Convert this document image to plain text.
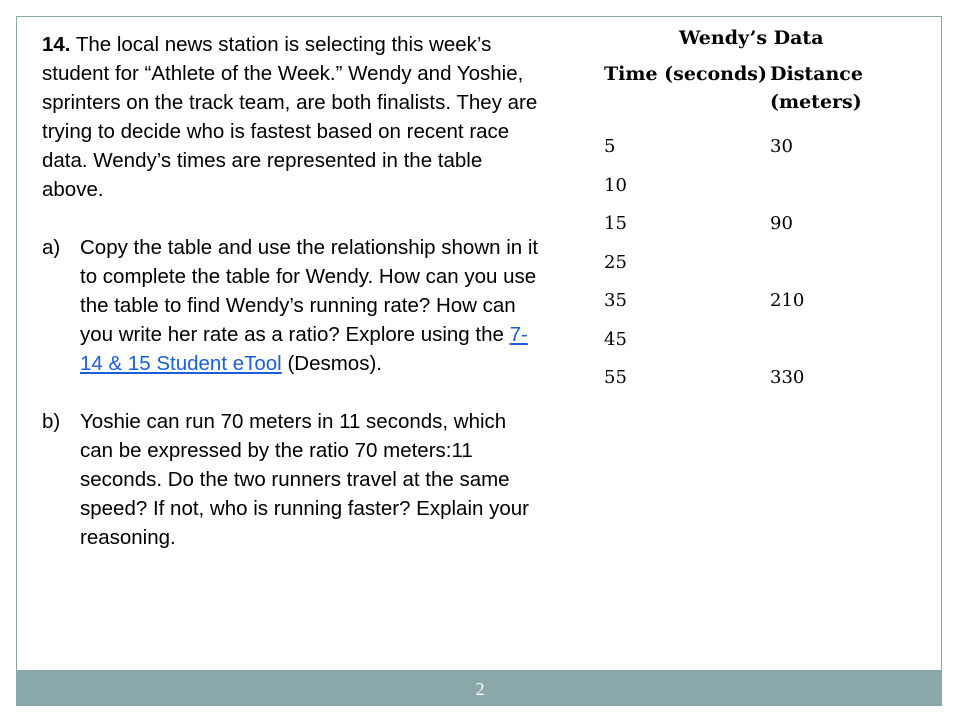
14. The local news station is selecting this week’s student for “Athlete of the Week.” Wendy and Yoshie, sprinters on the track team, are both finalists. They are trying to decide who is fastest based on recent race data. Wendy’s times are represented in the table above.

a) Copy the table and use the relationship shown in it to complete the table for Wendy. How can you use the table to find Wendy’s running rate? How can you write her rate as a ratio? Explore using the 7-14 & 15 Student eTool (Desmos).
b) Yoshie can run 70 meters in 11 seconds, which can be expressed by the ratio 70 meters:11 seconds. Do the two runners travel at the same speed? If not, who is running faster? Explain your reasoning.
Wendy’s Data
Time (seconds) Distance (meters)
5	30
10
15	90
25
35	210
45
55	330
2
